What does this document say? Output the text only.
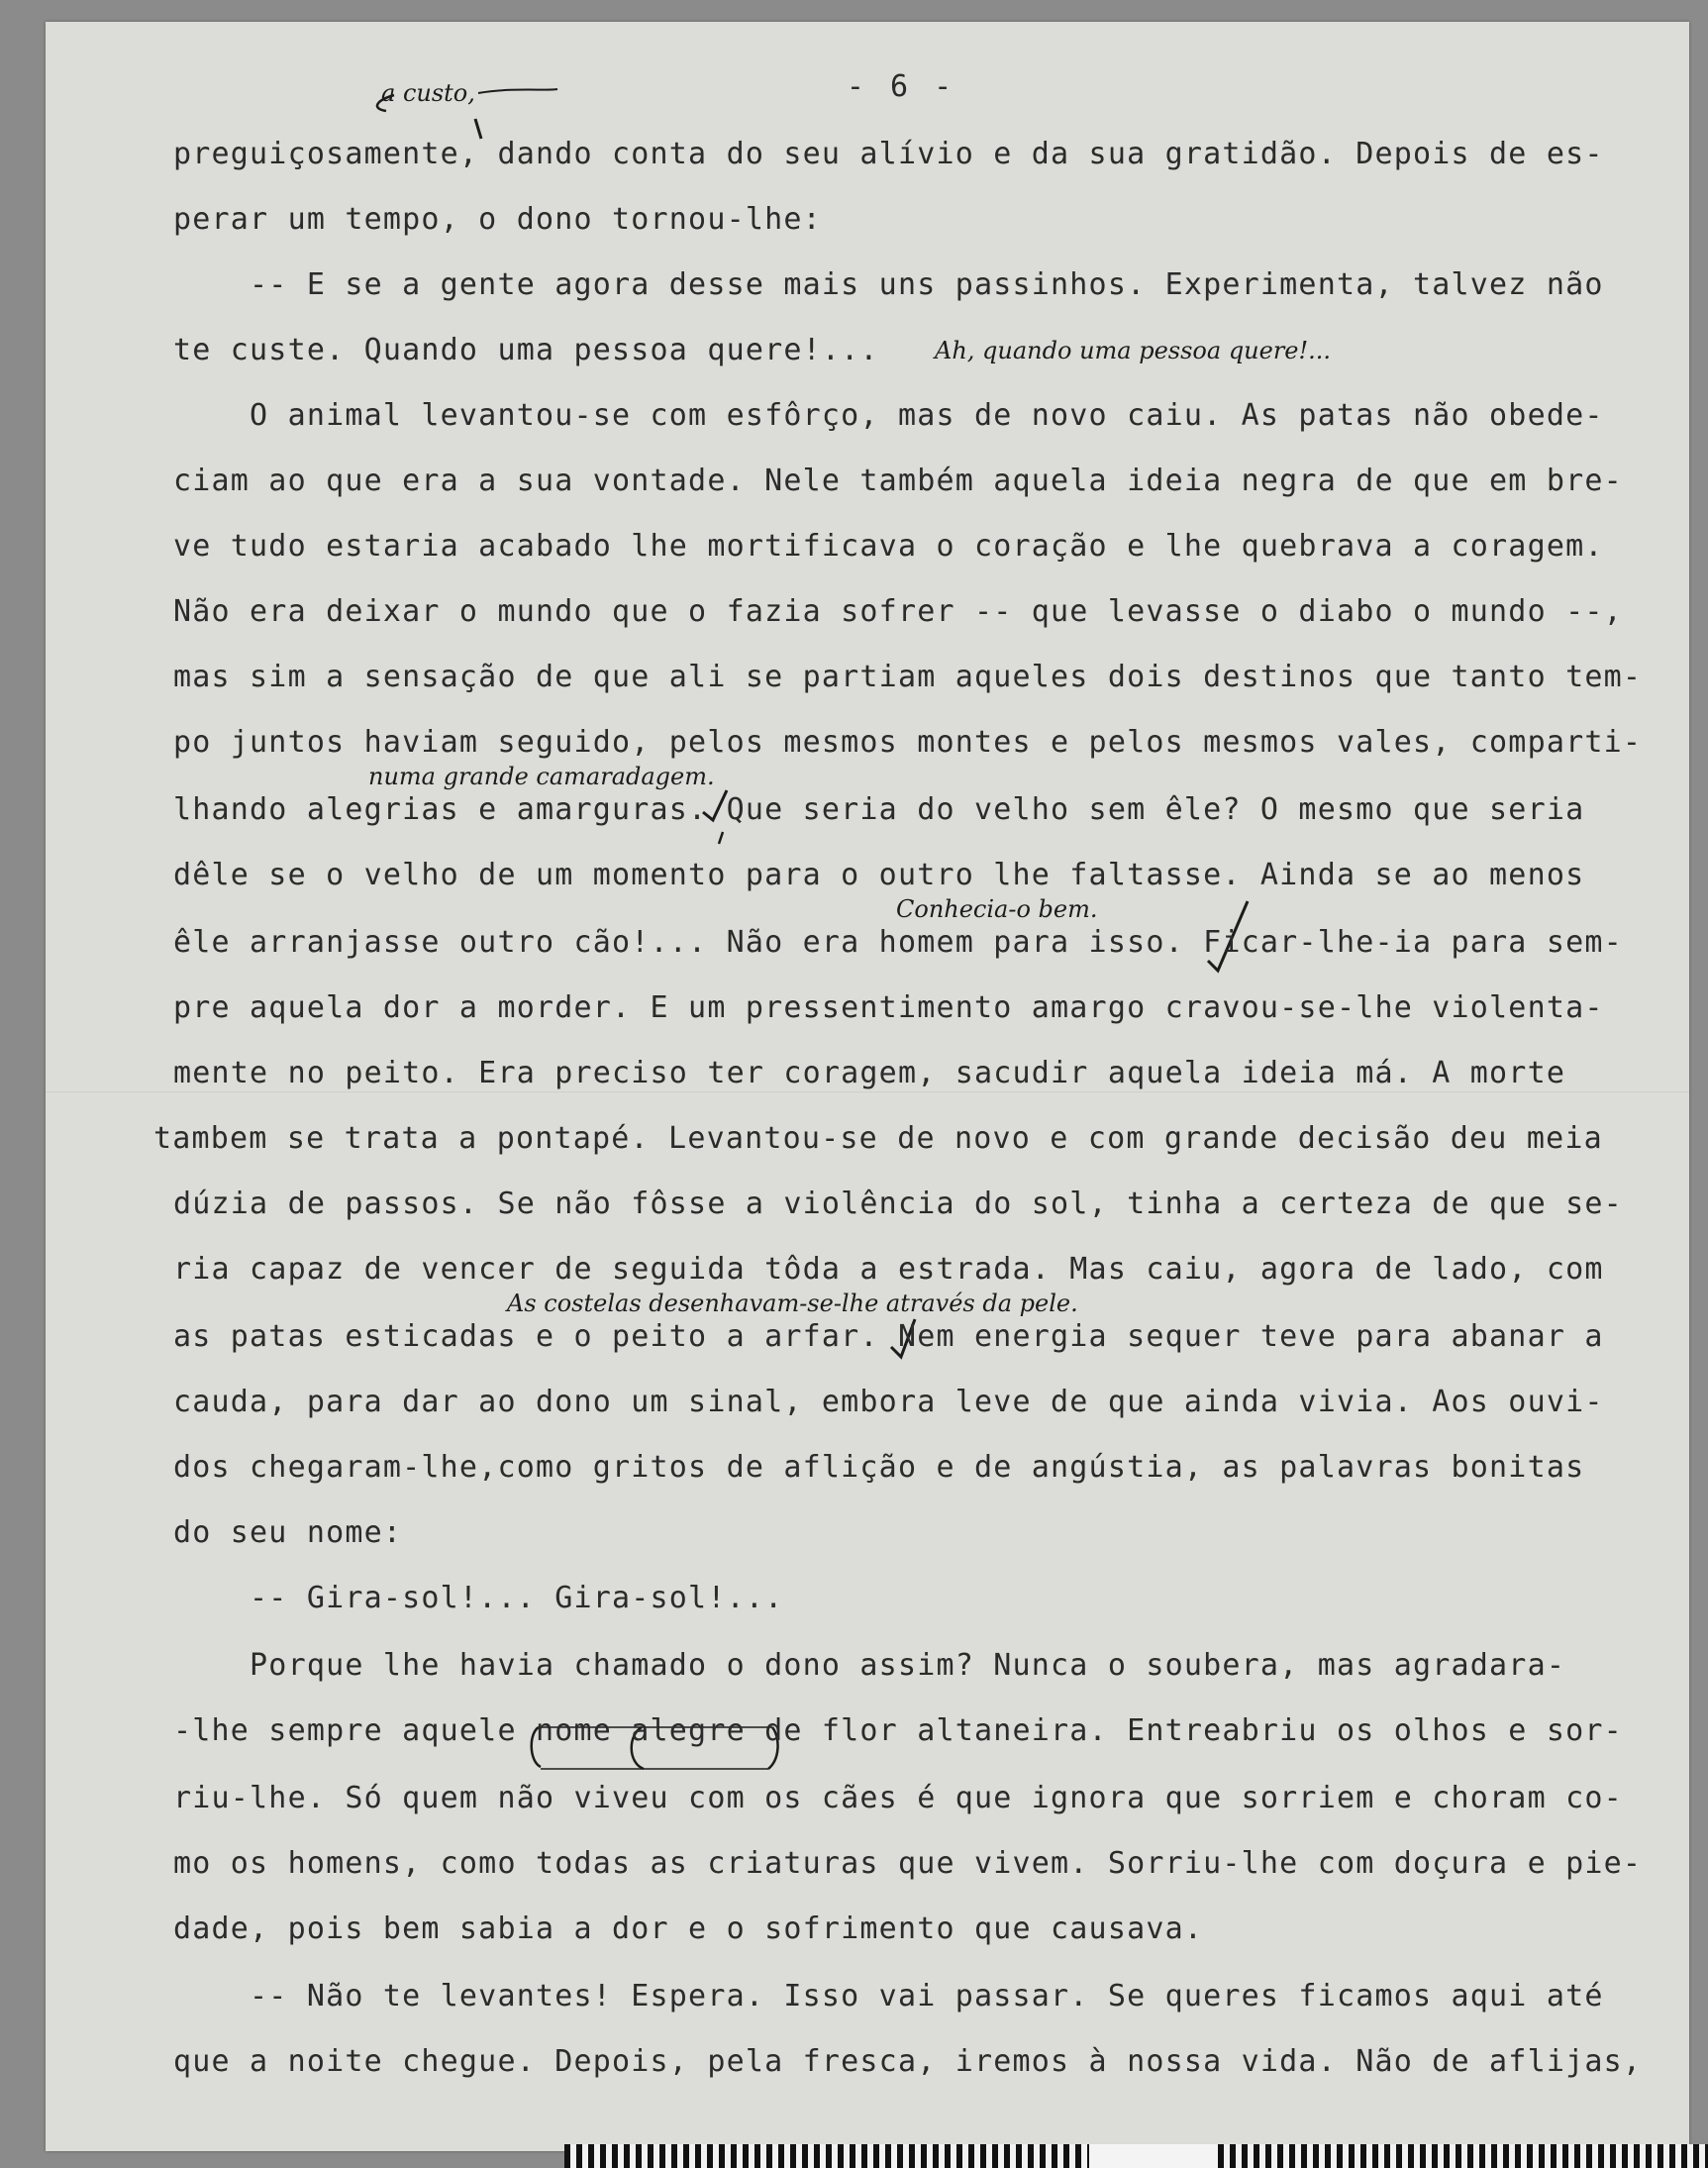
- 6 -
a custo,
Ah, quando uma pessoa quere!...
numa grande camaradagem.
Conhecia-o bem.
As costelas desenhavam-se-lhe através da pele.
preguiçosamente, dando conta do seu alívio e da sua gratidão. Depois de es-
perar um tempo, o dono tornou-lhe:
-- E se a gente agora desse mais uns passinhos. Experimenta, talvez não
te custe. Quando uma pessoa quere!...
O animal levantou-se com esfôrço, mas de novo caiu. As patas não obede-
ciam ao que era a sua vontade. Nele também aquela ideia negra de que em bre-
ve tudo estaria acabado lhe mortificava o coração e lhe quebrava a coragem.
Não era deixar o mundo que o fazia sofrer -- que levasse o diabo o mundo --,
mas sim a sensação de que ali se partiam aqueles dois destinos que tanto tem-
po juntos haviam seguido, pelos mesmos montes e pelos mesmos vales, comparti-
lhando alegrias e amarguras. Que seria do velho sem êle? O mesmo que seria
dêle se o velho de um momento para o outro lhe faltasse. Ainda se ao menos
êle arranjasse outro cão!... Não era homem para isso. Ficar-lhe-ia para sem-
pre aquela dor a morder. E um pressentimento amargo cravou-se-lhe violenta-
mente no peito. Era preciso ter coragem, sacudir aquela ideia má. A morte
tambem se trata a pontapé. Levantou-se de novo e com grande decisão deu meia
dúzia de passos. Se não fôsse a violência do sol, tinha a certeza de que se-
ria capaz de vencer de seguida tôda a estrada. Mas caiu, agora de lado, com
as patas esticadas e o peito a arfar. Nem energia sequer teve para abanar a
cauda, para dar ao dono um sinal, embora leve de que ainda vivia. Aos ouvi-
dos chegaram-lhe,como gritos de aflição e de angústia, as palavras bonitas
do seu nome:
-- Gira-sol!... Gira-sol!...
Porque lhe havia chamado o dono assim? Nunca o soubera, mas agradara-
-lhe sempre aquele nome alegre de flor altaneira. Entreabriu os olhos e sor-
riu-lhe. Só quem não viveu com os cães é que ignora que sorriem e choram co-
mo os homens, como todas as criaturas que vivem. Sorriu-lhe com doçura e pie-
dade, pois bem sabia a dor e o sofrimento que causava.
-- Não te levantes! Espera. Isso vai passar. Se queres ficamos aqui até
que a noite chegue. Depois, pela fresca, iremos à nossa vida. Não de aflijas,
